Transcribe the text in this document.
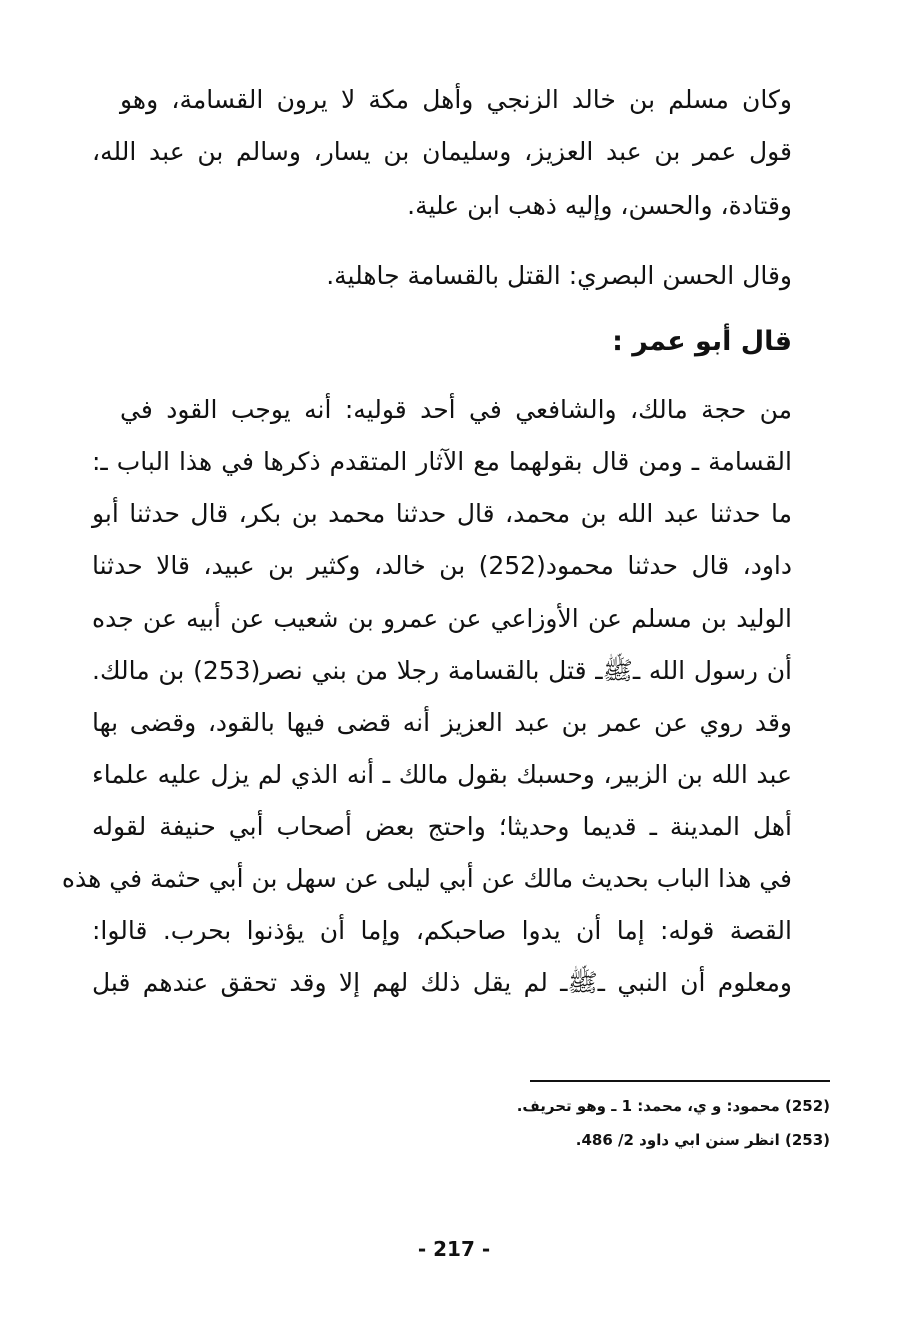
وكان مسلم بن خالد الزنجي وأهل مكة لا يرون القسامة، وهو
قول عمر بن عبد العزيز، وسليمان بن يسار، وسالم بن عبد الله،
وقتادة، والحسن، وإليه ذهب ابن علية.
وقال الحسن البصري: القتل بالقسامة جاهلية.
قال أبو عمر :
من حجة مالك، والشافعي في أحد قوليه: أنه يوجب القود في
القسامة ـ ومن قال بقولهما مع الآثار المتقدم ذكرها في هذا الباب ـ:
ما حدثنا عبد الله بن محمد، قال حدثنا محمد بن بكر، قال حدثنا أبو
داود، قال حدثنا محمود(252) بن خالد، وكثير بن عبيد، قالا حدثنا
الوليد بن مسلم عن الأوزاعي عن عمرو بن شعيب عن أبيه عن جده
أن رسول الله ـﷺـ قتل بالقسامة رجلا من بني نصر(253) بن مالك.
وقد روي عن عمر بن عبد العزيز أنه قضى فيها بالقود، وقضى بها
عبد الله بن الزبير، وحسبك بقول مالك ـ أنه الذي لم يزل عليه علماء
أهل المدينة ـ قديما وحديثا؛ واحتج بعض أصحاب أبي حنيفة لقوله
في هذا الباب بحديث مالك عن أبي ليلى عن سهل بن أبي حثمة في هذه
القصة قوله: إما أن يدوا صاحبكم، وإما أن يؤذنوا بحرب. قالوا:
ومعلوم أن النبي ـﷺـ لم يقل ذلك لهم إلا وقد تحقق عندهم قبل
(252) محمود: و ي، محمد: 1 ـ وهو تحريف.
(253) انظر سنن ابي داود 2/ 486.
- 217 -
